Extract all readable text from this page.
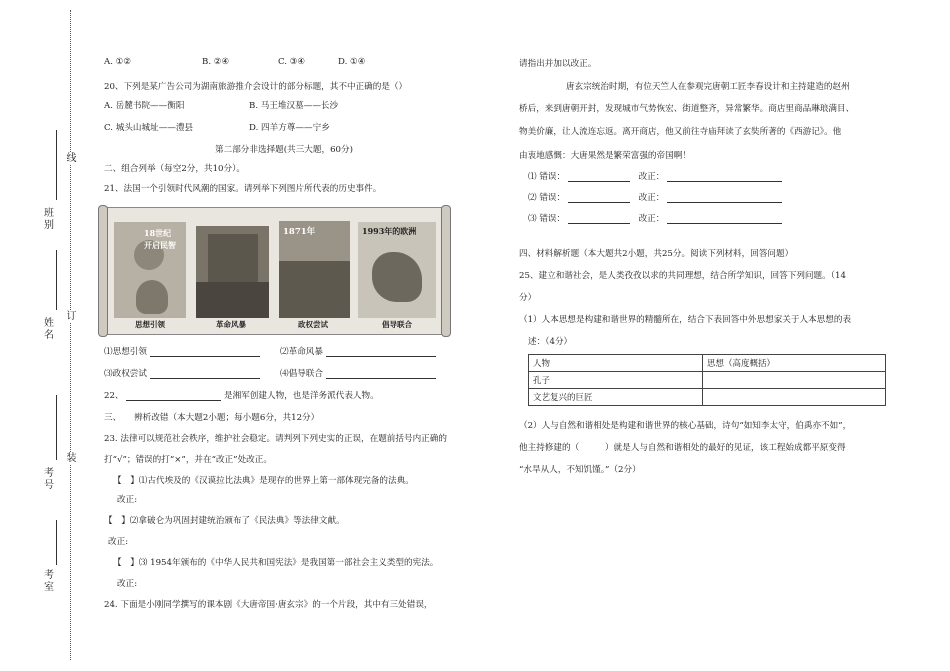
线
订
装
班别
姓名
考号
考室
A. ①②	B. ②④	C. ③④	D. ①④
20、下列是某广告公司为湖南旅游推介会设计的部分标题，其不中正确的是（）
A. 岳麓书院——衡阳	B. 马王堆汉墓——长沙
C. 城头山城址——澧县	D. 四羊方尊——宁乡
第二部分非选择题(共三大题，60分)
二、组合列举（每空2分，共10分）。
21、法国一个引领时代风潮的国家。请列举下列图片所代表的历史事件。
18世纪
开启民智
1871年	1993年的欧洲
思想引领	革命风暴	政权尝试	倡导联合
⑴思想引领	⑵革命风暴
⑶政权尝试	⑷倡导联合
22、	是湘军创建人物，也是洋务派代表人物。
三、　　辨析改错（本大题2小题；每小题6分，共12分）
23. 法律可以规范社会秩序，维护社会稳定。请判列下列史实的正误，在题前括号内正确的
打“√”；错误的打“×”，并在“改正”处改正。
【　】⑴古代埃及的《汉谟拉比法典》是现存的世界上第一部体现完备的法典。
改正:
【　】⑵拿破仑为巩固封建统治颁布了《民法典》等法律文献。
改正:
【　】⑶ 1954年颁布的《中华人民共和国宪法》是我国第一部社会主义类型的宪法。
改正:
24. 下面是小刚同学撰写的课本剧《大唐帝国·唐玄宗》的一个片段，其中有三处错误，
请指出并加以改正。
唐玄宗统治时期，有位天竺人在参观完唐朝工匠李春设计和主持建造的赵州
桥后，来到唐朝开封，发现城市气势恢宏、街道整齐，异常繁华。商店里商品琳琅满目、
物美价廉，让人流连忘返。离开商店，他又前往寺庙拜读了玄奘所著的《西游记》。他
由衷地感慨：大唐果然是繁荣富强的帝国啊！
⑴ 错误：	改正：
⑵ 错误：	改正：
⑶ 错误：	改正：
四、材料解析题（本大题共2小题，共25分。阅读下列材料，回答问题）
25、建立和谐社会，是人类孜孜以求的共同理想，结合所学知识，回答下列问题。（14
分）
（1）人本思想是构建和谐世界的精髓所在，结合下表回答中外思想家关于人本思想的表
述：（4分）
人物	思想（高度概括）
孔子	
文艺复兴的巨匠	
（2）人与自然和谐相处是构建和谐世界的核心基础，诗句“如知李太守，伯禹亦不如”，
他主持修建的（　　　）就是人与自然和谐相处的最好的见证，该工程始成都平原变得
“水旱从人，不知饥馑。”（2分）
